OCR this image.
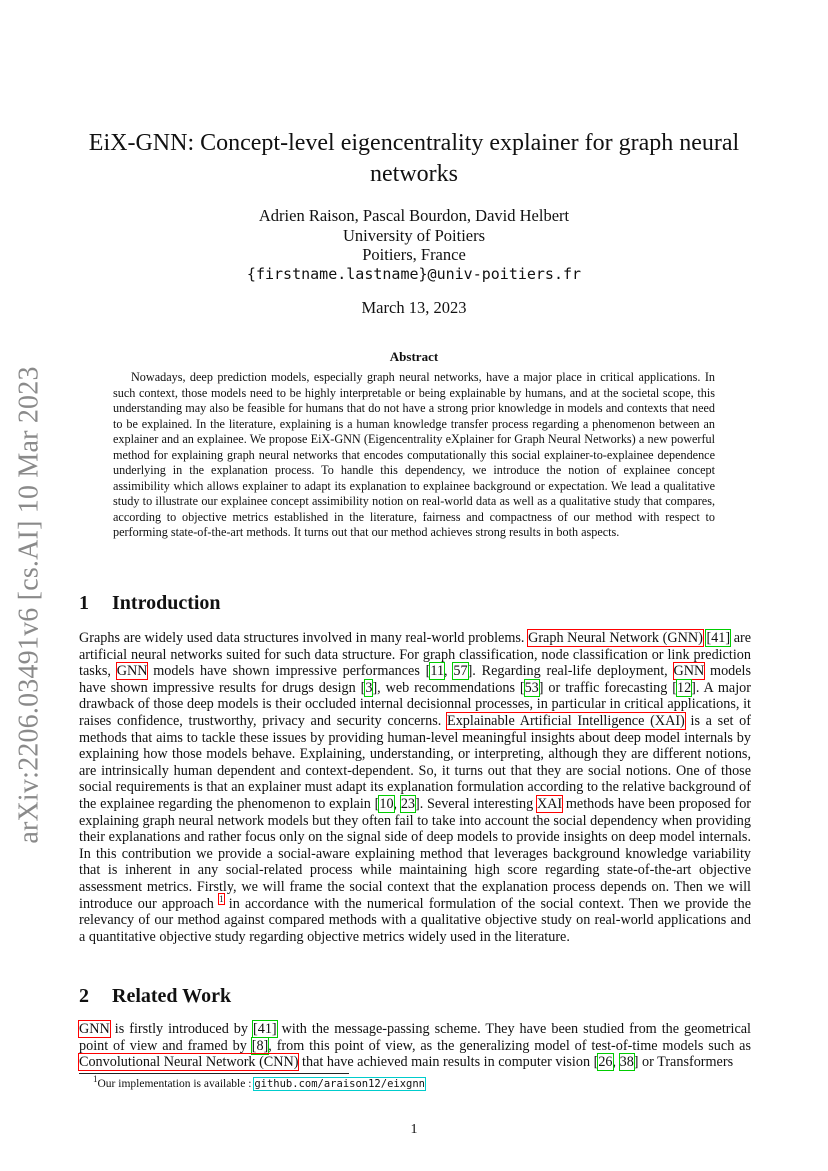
arXiv:2206.03491v6 [cs.AI] 10 Mar 2023
EiX-GNN: Concept-level eigencentrality explainer for graph neural networks
Adrien Raison, Pascal Bourdon, David Helbert
University of Poitiers
Poitiers, France
{firstname.lastname}@univ-poitiers.fr
March 13, 2023
Abstract

Nowadays, deep prediction models, especially graph neural networks, have a major place in critical applications. In such context, those models need to be highly interpretable or being explainable by humans, and at the societal scope, this understanding may also be feasible for humans that do not have a strong prior knowledge in models and contexts that need to be explained. In the literature, explaining is a human knowledge transfer process regarding a phenomenon between an explainer and an explainee. We propose EiX-GNN (Eigencentrality eXplainer for Graph Neural Networks) a new powerful method for explaining graph neural networks that encodes computationally this social explainer-to-explainee dependence underlying in the explanation process. To handle this dependency, we introduce the notion of explainee concept assimibility which allows explainer to adapt its explanation to explainee background or expectation. We lead a qualitative study to illustrate our explainee concept assimibility notion on real-world data as well as a qualitative study that compares, according to objective metrics established in the literature, fairness and compactness of our method with respect to performing state-of-the-art methods. It turns out that our method achieves strong results in both aspects.

1 Introduction

Graphs are widely used data structures involved in many real-world problems. Graph Neural Network (GNN) [41] are artificial neural networks suited for such data structure. For graph classification, node classification or link prediction tasks, GNN models have shown impressive performances [11, 57]. Regarding real-life deployment, GNN models have shown impressive results for drugs design [3], web recommendations [53] or traffic forecasting [12]. A major drawback of those deep models is their occluded internal decisionnal processes, in particular in critical applications, it raises confidence, trustworthy, privacy and security concerns. Explainable Artificial Intelligence (XAI) is a set of methods that aims to tackle these issues by providing human-level meaningful insights about deep model internals by explaining how those models behave. Explaining, understanding, or interpreting, although they are different notions, are intrinsically human dependent and context-dependent. So, it turns out that they are social notions. One of those social requirements is that an explainer must adapt its explanation formulation according to the relative background of the explainee regarding the phenomenon to explain [10, 23]. Several interesting XAI methods have been proposed for explaining graph neural network models but they often fail to take into account the social dependency when providing their explanations and rather focus only on the signal side of deep models to provide insights on deep model internals. In this contribution we provide a social-aware explaining method that leverages background knowledge variability that is inherent in any social-related process while maintaining high score regarding state-of-the-art objective assessment metrics. Firstly, we will frame the social context that the explanation process depends on. Then we will introduce our approach $^1$ in accordance with the numerical formulation of the social context. Then we provide the relevancy of our method against compared methods with a qualitative objective study on real-world applications and a quantitative objective study regarding objective metrics widely used in the literature.

2 Related Work

GNN is firstly introduced by [41] with the message-passing scheme. They have been studied from the geometrical point of view and framed by [8], from this point of view, as the generalizing model of test-of-time models such as Convolutional Neural Network (CNN) that have achieved main results in computer vision [26, 38] or Transformers

$^1$Our implementation is available : github.com/araison12/eixgnn
1
